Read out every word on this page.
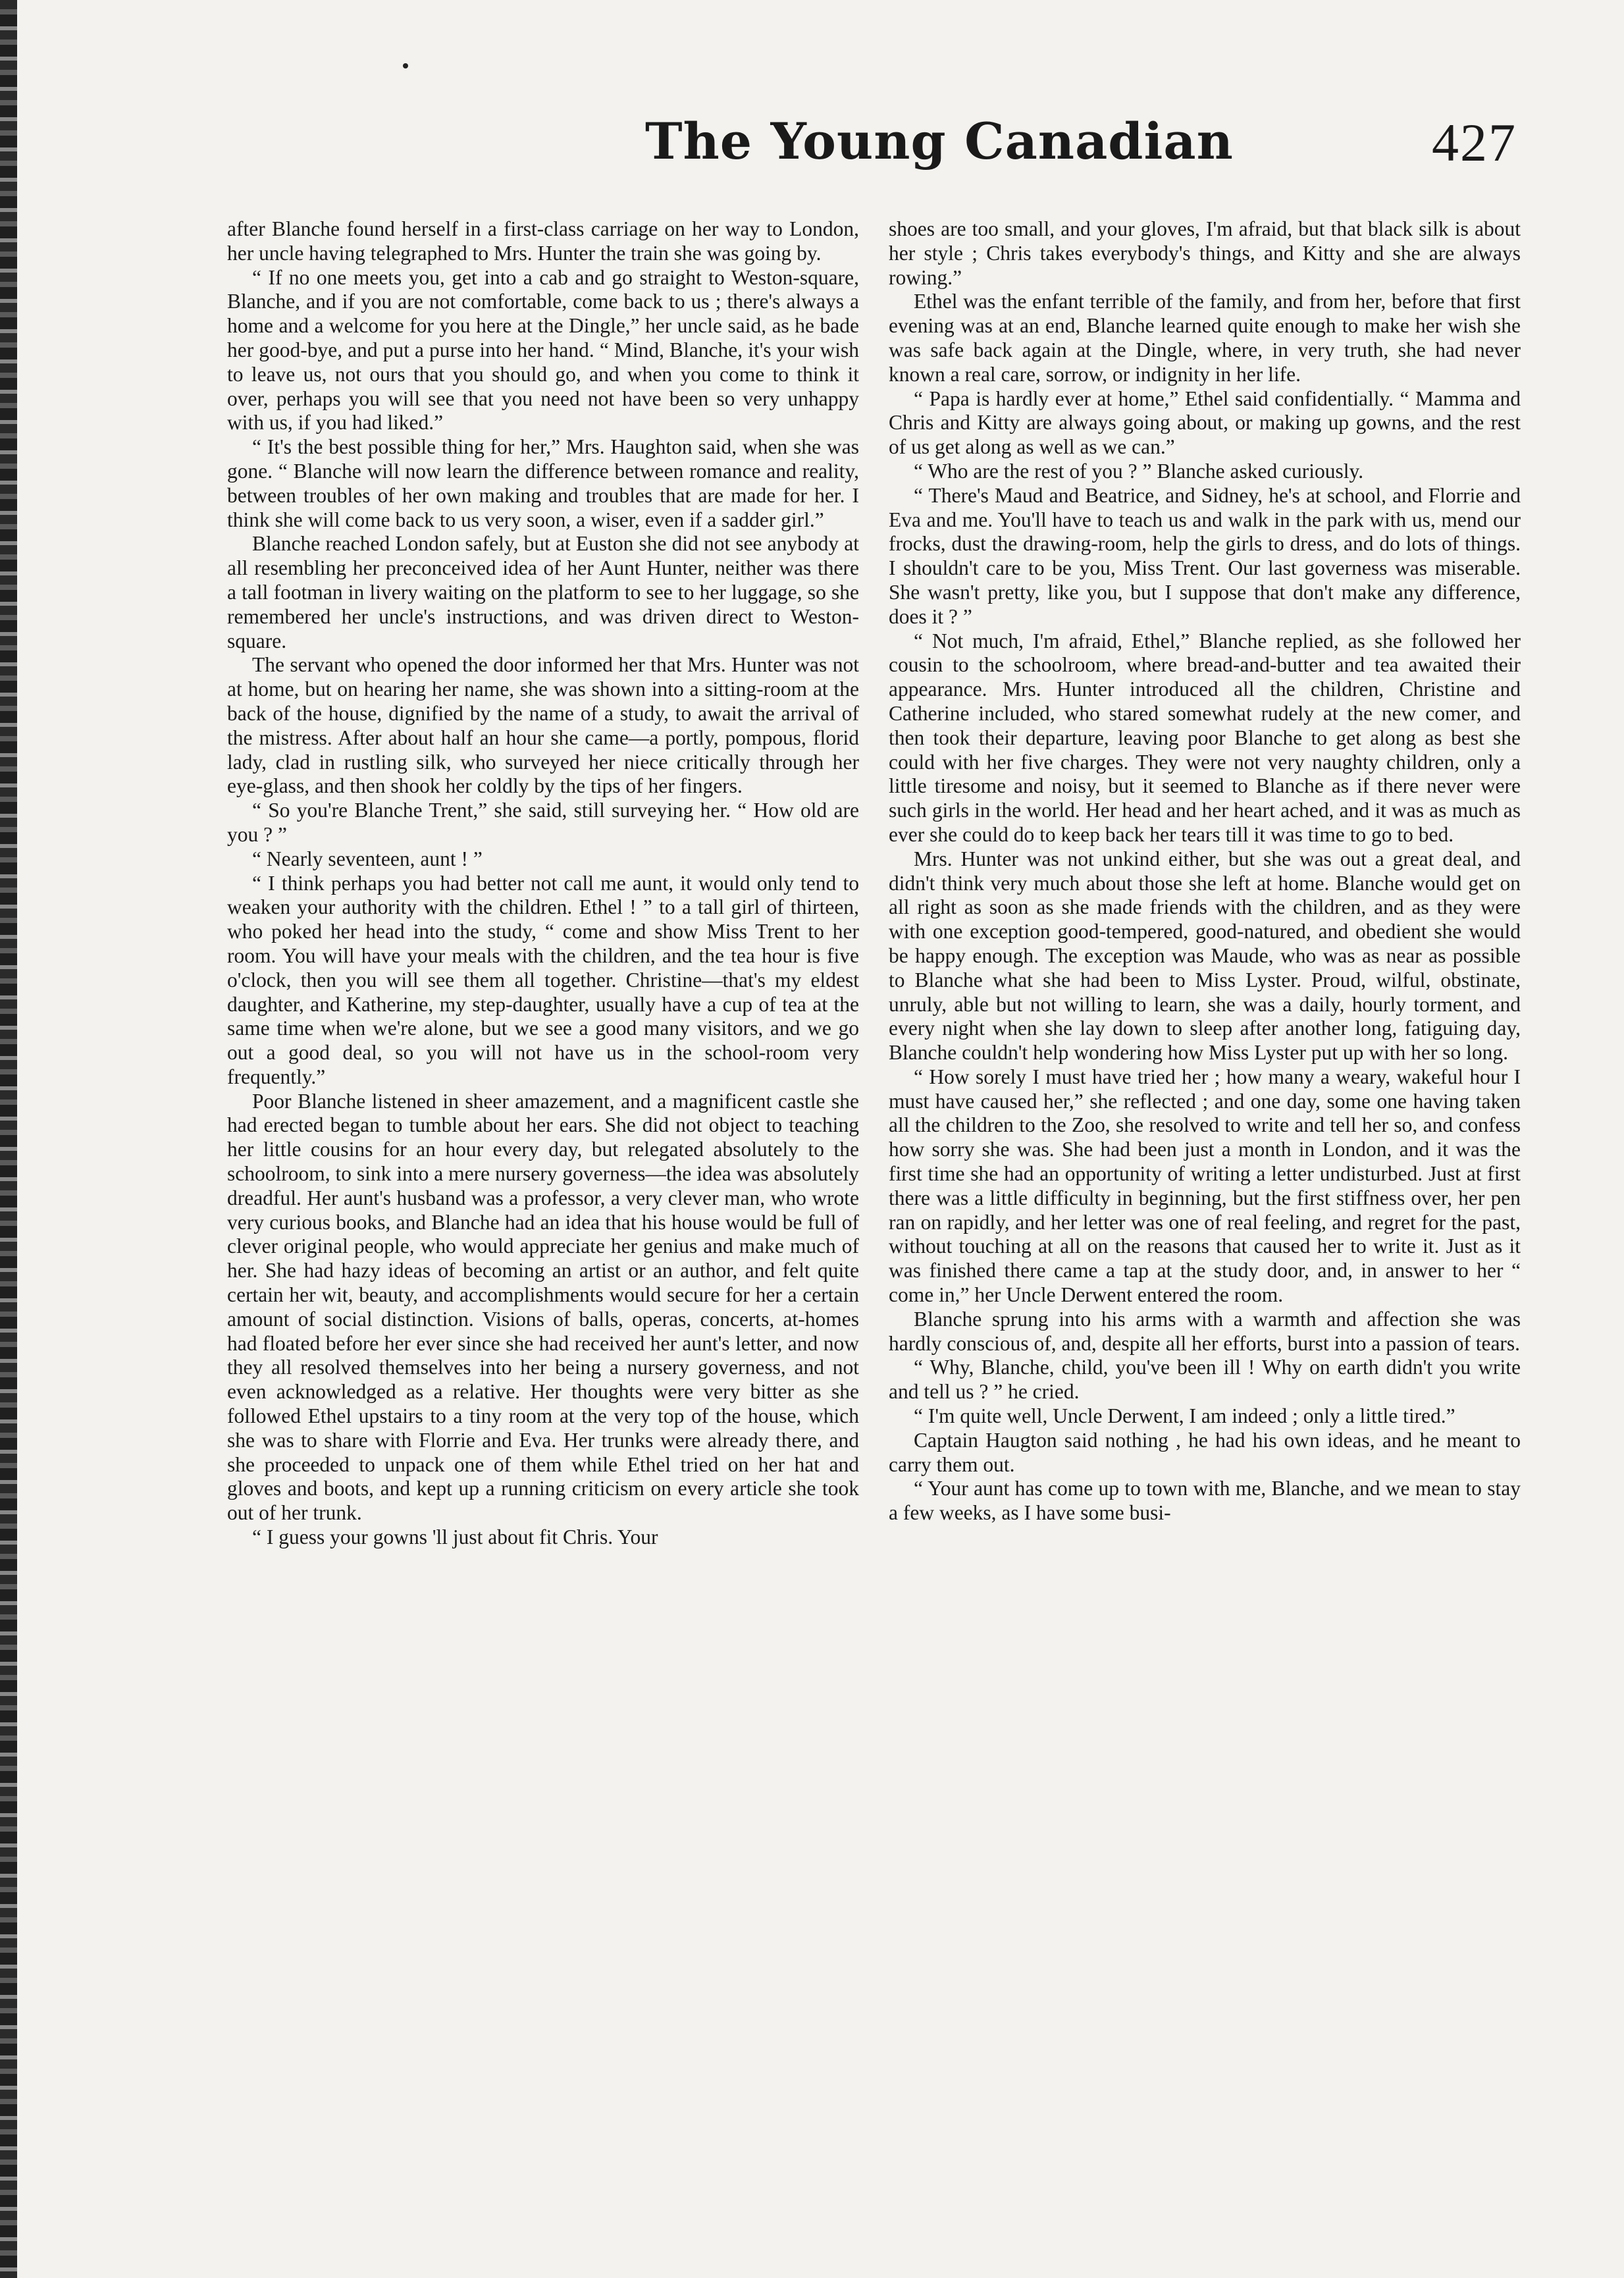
The Young Canadian	427

after Blanche found herself in a first-class carriage on her way to London, her uncle having telegraphed to Mrs. Hunter the train she was going by.

“ If no one meets you, get into a cab and go straight to Weston-square, Blanche, and if you are not comfortable, come back to us ; there's always a home and a welcome for you here at the Dingle,” her uncle said, as he bade her good-bye, and put a purse into her hand. “ Mind, Blanche, it's your wish to leave us, not ours that you should go, and when you come to think it over, perhaps you will see that you need not have been so very unhappy with us, if you had liked.”

“ It's the best possible thing for her,” Mrs. Haughton said, when she was gone. “ Blanche will now learn the difference between romance and reality, between troubles of her own making and troubles that are made for her. I think she will come back to us very soon, a wiser, even if a sadder girl.”

Blanche reached London safely, but at Euston she did not see anybody at all resembling her preconceived idea of her Aunt Hunter, neither was there a tall footman in livery waiting on the platform to see to her luggage, so she remembered her uncle's instructions, and was driven direct to Weston-square.

The servant who opened the door informed her that Mrs. Hunter was not at home, but on hearing her name, she was shown into a sitting-room at the back of the house, dignified by the name of a study, to await the arrival of the mistress. After about half an hour she came—a portly, pompous, florid lady, clad in rustling silk, who surveyed her niece critically through her eye-glass, and then shook her coldly by the tips of her fingers.

“ So you're Blanche Trent,” she said, still surveying her. “ How old are you ? ”

“ Nearly seventeen, aunt ! ”

“ I think perhaps you had better not call me aunt, it would only tend to weaken your authority with the children. Ethel ! ” to a tall girl of thirteen, who poked her head into the study, “ come and show Miss Trent to her room. You will have your meals with the children, and the tea hour is five o'clock, then you will see them all together. Christine—that's my eldest daughter, and Katherine, my step-daughter, usually have a cup of tea at the same time when we're alone, but we see a good many visitors, and we go out a good deal, so you will not have us in the school-room very frequently.”

Poor Blanche listened in sheer amazement, and a magnificent castle she had erected began to tumble about her ears. She did not object to teaching her little cousins for an hour every day, but relegated absolutely to the schoolroom, to sink into a mere nursery governess—the idea was absolutely dreadful. Her aunt's husband was a professor, a very clever man, who wrote very curious books, and Blanche had an idea that his house would be full of clever original people, who would appreciate her genius and make much of her. She had hazy ideas of becoming an artist or an author, and felt quite certain her wit, beauty, and accomplishments would secure for her a certain amount of social distinction. Visions of balls, operas, concerts, at-homes had floated before her ever since she had received her aunt's letter, and now they all resolved themselves into her being a nursery governess, and not even acknowledged as a relative. Her thoughts were very bitter as she followed Ethel upstairs to a tiny room at the very top of the house, which she was to share with Florrie and Eva. Her trunks were already there, and she proceeded to unpack one of them while Ethel tried on her hat and gloves and boots, and kept up a running criticism on every article she took out of her trunk.

“ I guess your gowns 'll just about fit Chris. Your

shoes are too small, and your gloves, I'm afraid, but that black silk is about her style ; Chris takes everybody's things, and Kitty and she are always rowing.”

Ethel was the enfant terrible of the family, and from her, before that first evening was at an end, Blanche learned quite enough to make her wish she was safe back again at the Dingle, where, in very truth, she had never known a real care, sorrow, or indignity in her life.

“ Papa is hardly ever at home,” Ethel said confidentially. “ Mamma and Chris and Kitty are always going about, or making up gowns, and the rest of us get along as well as we can.”

“ Who are the rest of you ? ” Blanche asked curiously.

“ There's Maud and Beatrice, and Sidney, he's at school, and Florrie and Eva and me. You'll have to teach us and walk in the park with us, mend our frocks, dust the drawing-room, help the girls to dress, and do lots of things. I shouldn't care to be you, Miss Trent. Our last governess was miserable. She wasn't pretty, like you, but I suppose that don't make any difference, does it ? ”

“ Not much, I'm afraid, Ethel,” Blanche replied, as she followed her cousin to the schoolroom, where bread-and-butter and tea awaited their appearance. Mrs. Hunter introduced all the children, Christine and Catherine included, who stared somewhat rudely at the new comer, and then took their departure, leaving poor Blanche to get along as best she could with her five charges. They were not very naughty children, only a little tiresome and noisy, but it seemed to Blanche as if there never were such girls in the world. Her head and her heart ached, and it was as much as ever she could do to keep back her tears till it was time to go to bed.

Mrs. Hunter was not unkind either, but she was out a great deal, and didn't think very much about those she left at home. Blanche would get on all right as soon as she made friends with the children, and as they were with one exception good-tempered, good-natured, and obedient she would be happy enough. The exception was Maude, who was as near as possible to Blanche what she had been to Miss Lyster. Proud, wilful, obstinate, unruly, able but not willing to learn, she was a daily, hourly torment, and every night when she lay down to sleep after another long, fatiguing day, Blanche couldn't help wondering how Miss Lyster put up with her so long.

“ How sorely I must have tried her ; how many a weary, wakeful hour I must have caused her,” she reflected ; and one day, some one having taken all the children to the Zoo, she resolved to write and tell her so, and confess how sorry she was. She had been just a month in London, and it was the first time she had an opportunity of writing a letter undisturbed. Just at first there was a little difficulty in beginning, but the first stiffness over, her pen ran on rapidly, and her letter was one of real feeling, and regret for the past, without touching at all on the reasons that caused her to write it. Just as it was finished there came a tap at the study door, and, in answer to her “ come in,” her Uncle Derwent entered the room.

Blanche sprung into his arms with a warmth and affection she was hardly conscious of, and, despite all her efforts, burst into a passion of tears.

“ Why, Blanche, child, you've been ill ! Why on earth didn't you write and tell us ? ” he cried.

“ I'm quite well, Uncle Derwent, I am indeed ; only a little tired.”

Captain Haugton said nothing , he had his own ideas, and he meant to carry them out.

“ Your aunt has come up to town with me, Blanche, and we mean to stay a few weeks, as I have some busi-
